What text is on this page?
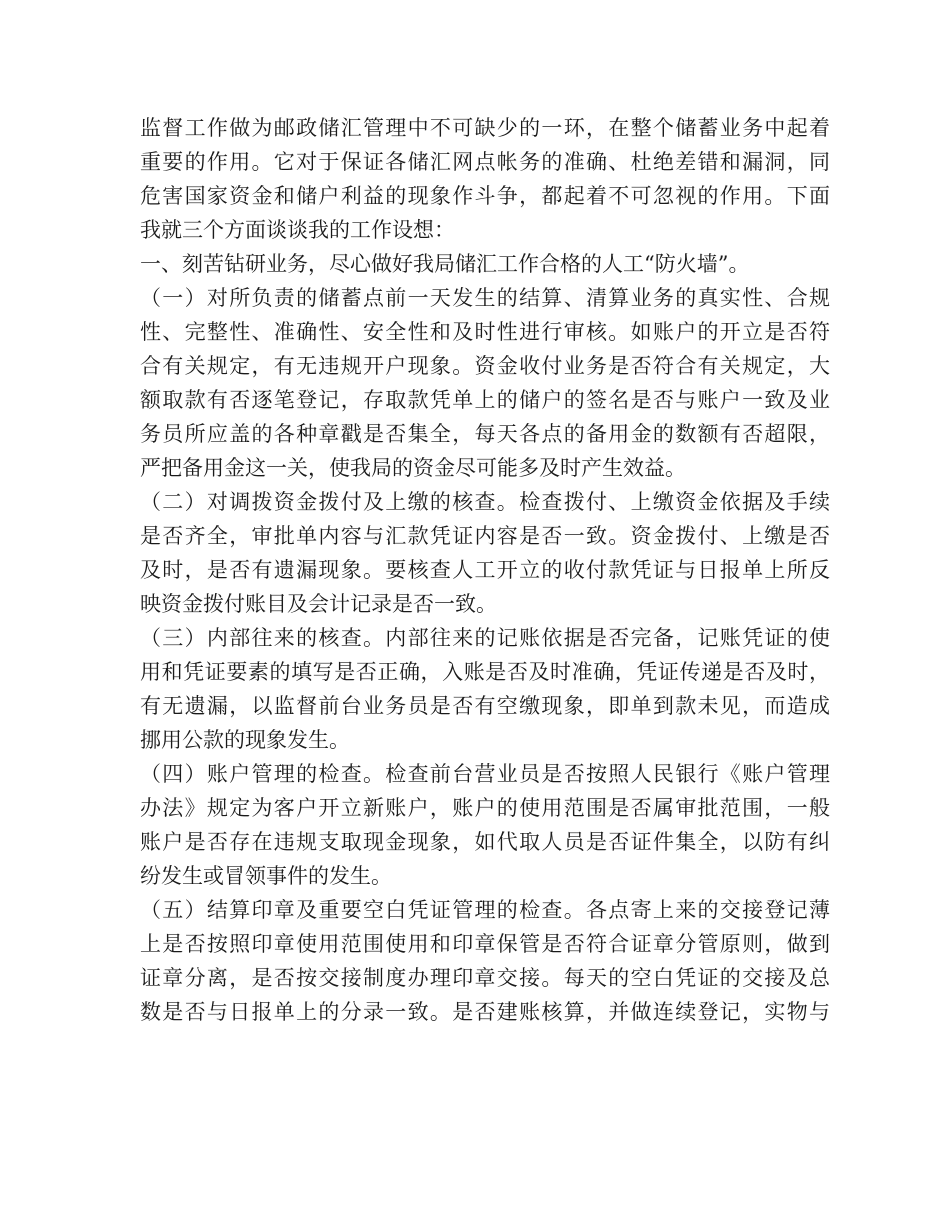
监督工作做为邮政储汇管理中不可缺少的一环，在整个储蓄业务中起着
重要的作用。它对于保证各储汇网点帐务的准确、杜绝差错和漏洞，同
危害国家资金和储户利益的现象作斗争，都起着不可忽视的作用。下面
我就三个方面谈谈我的工作设想：
一、刻苦钻研业务，尽心做好我局储汇工作合格的人工“防火墙”。
（一）对所负责的储蓄点前一天发生的结算、清算业务的真实性、合规
性、完整性、准确性、安全性和及时性进行审核。如账户的开立是否符
合有关规定，有无违规开户现象。资金收付业务是否符合有关规定，大
额取款有否逐笔登记，存取款凭单上的储户的签名是否与账户一致及业
务员所应盖的各种章戳是否集全，每天各点的备用金的数额有否超限，
严把备用金这一关，使我局的资金尽可能多及时产生效益。
（二）对调拨资金拨付及上缴的核查。检查拨付、上缴资金依据及手续
是否齐全，审批单内容与汇款凭证内容是否一致。资金拨付、上缴是否
及时，是否有遗漏现象。要核查人工开立的收付款凭证与日报单上所反
映资金拨付账目及会计记录是否一致。
（三）内部往来的核查。内部往来的记账依据是否完备，记账凭证的使
用和凭证要素的填写是否正确，入账是否及时准确，凭证传递是否及时，
有无遗漏，以监督前台业务员是否有空缴现象，即单到款未见，而造成
挪用公款的现象发生。
（四）账户管理的检查。检查前台营业员是否按照人民银行《账户管理
办法》规定为客户开立新账户，账户的使用范围是否属审批范围，一般
账户是否存在违规支取现金现象，如代取人员是否证件集全，以防有纠
纷发生或冒领事件的发生。
（五）结算印章及重要空白凭证管理的检查。各点寄上来的交接登记薄
上是否按照印章使用范围使用和印章保管是否符合证章分管原则，做到
证章分离，是否按交接制度办理印章交接。每天的空白凭证的交接及总
数是否与日报单上的分录一致。是否建账核算，并做连续登记，实物与
